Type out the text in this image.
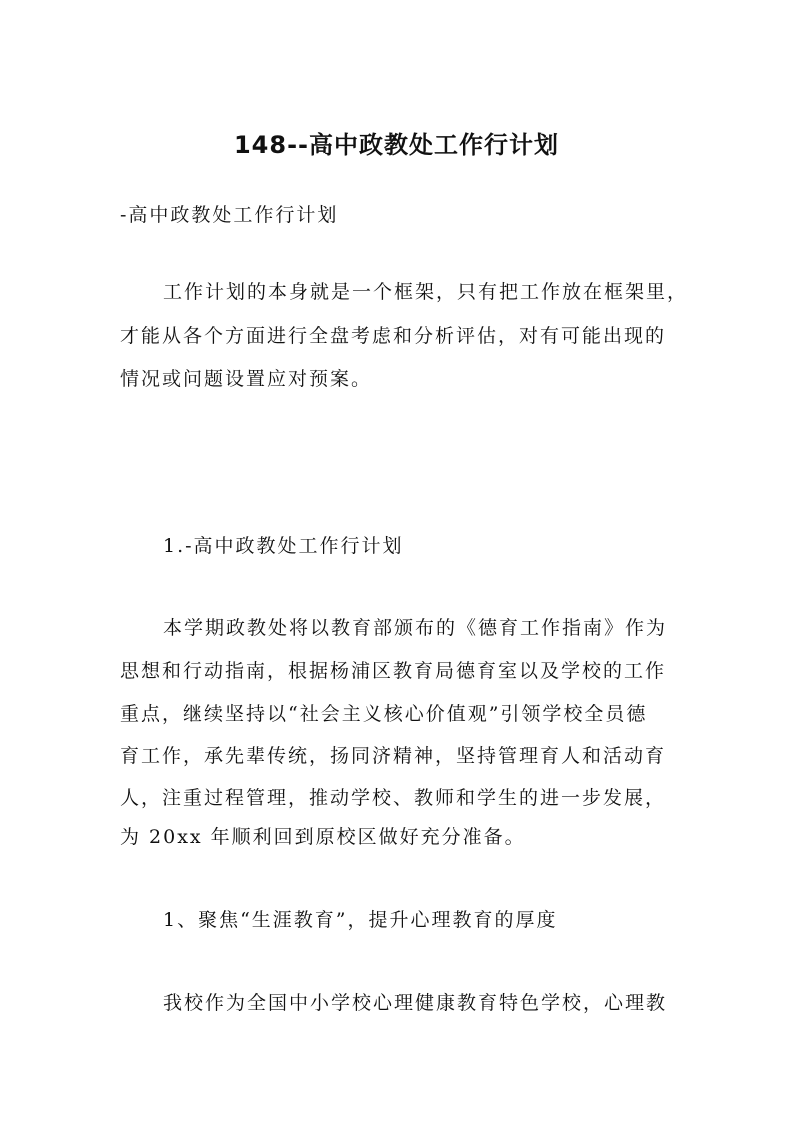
148--高中政教处工作行计划

-高中政教处工作行计划

工作计划的本身就是一个框架，只有把工作放在框架里，

才能从各个方面进行全盘考虑和分析评估，对有可能出现的

情况或问题设置应对预案。

1.-高中政教处工作行计划

本学期政教处将以教育部颁布的《德育工作指南》作为

思想和行动指南，根据杨浦区教育局德育室以及学校的工作

重点，继续坚持以“社会主义核心价值观”引领学校全员德

育工作，承先辈传统，扬同济精神，坚持管理育人和活动育

人，注重过程管理，推动学校、教师和学生的进一步发展，

为 20xx 年顺利回到原校区做好充分准备。

1、聚焦“生涯教育”，提升心理教育的厚度

我校作为全国中小学校心理健康教育特色学校，心理教
